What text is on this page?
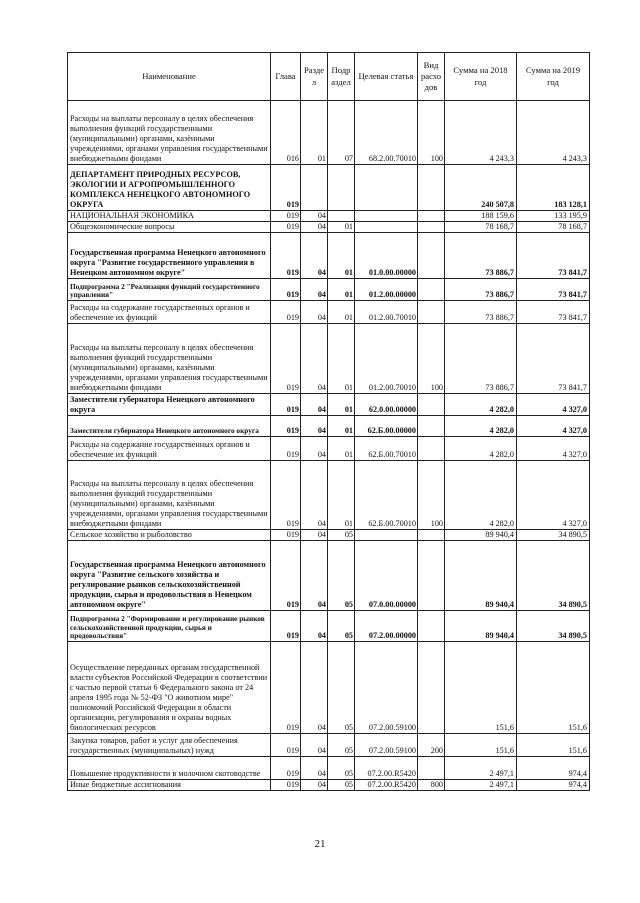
Наименование	Глава	Разде л	Подр аздел	Целевая статья	Вид расхо дов	Сумма на 2018 год	Сумма на 2019 год
Расходы на выплаты персоналу в целях обеспечения выполнения функций государственными (муниципальными) органами, казёнными учреждениями, органами управления государственными внебюджетными фондами	016	01	07	68.2.00.70010	100	4 243,3	4 243,3
ДЕПАРТАМЕНТ ПРИРОДНЫХ РЕСУРСОВ, ЭКОЛОГИИ И АГРОПРОМЫШЛЕННОГО КОМПЛЕКСА НЕНЕЦКОГО АВТОНОМНОГО ОКРУГА	019					240 507,8	183 128,1
НАЦИОНАЛЬНАЯ ЭКОНОМИКА	019	04				188 159,6	133 195,9
Общеэкономические вопросы	019	04	01			78 168,7	78 168,7
Государственная программа Ненецкого автономного округа "Развитие государственного управления в Ненецком автономном округе"	019	04	01	01.0.00.00000		73 886,7	73 841,7
Подпрограмма 2 "Реализация функций государственного управления"	019	04	01	01.2.00.00000		73 886,7	73 841,7
Расходы на содержание государственных органов и обеспечение их функций	019	04	01	01.2.00.70010		73 886,7	73 841,7
Расходы на выплаты персоналу в целях обеспечения выполнения функций государственными (муниципальными) органами, казёнными учреждениями, органами управления государственными внебюджетными фондами	019	04	01	01.2.00.70010	100	73 886,7	73 841,7
Заместители губернатора Ненецкого автономного округа	019	04	01	62.0.00.00000		4 282,0	4 327,0
Заместители губернатора Ненецкого автономного округа	019	04	01	62.Б.00.00000		4 282,0	4 327,0
Расходы на содержание государственных органов и обеспечение их функций	019	04	01	62.Б.00.70010		4 282,0	4 327,0
Расходы на выплаты персоналу в целях обеспечения выполнения функций государственными (муниципальными) органами, казёнными учреждениями, органами управления государственными внебюджетными фондами	019	04	01	62.Б.00.70010	100	4 282,0	4 327,0
Сельское хозяйство и рыболовство	019	04	05			89 940,4	34 890,5
Государственная программа Ненецкого автономного округа "Развитие сельского хозяйства и регулирование рынков сельскохозяйственной продукции, сырья и продовольствия в Ненецком автономном округе"	019	04	05	07.0.00.00000		89 940,4	34 890,5
Подпрограмма 2 "Формирование и регулирование рынков сельскохозяйственной продукции, сырья и продовольствия"	019	04	05	07.2.00.00000		89 940,4	34 890,5
Осуществление переданных органам государственной власти субъектов Российской Федерации в соответствии с частью первой статьи 6 Федерального закона от 24 апреля 1995 года № 52-ФЗ "О животном мире" полномочий Российской Федерации в области организации, регулирования и охраны водных биологических ресурсов	019	04	05	07.2.00.59100		151,6	151,6
Закупка товаров, работ и услуг для обеспечения государственных (муниципальных) нужд	019	04	05	07.2.00.59100	200	151,6	151,6
Повышение продуктивности в молочном скотоводстве	019	04	05	07.2.00.R5420		2 497,1	974,4
Иные бюджетные ассигнования	019	04	05	07.2.00.R5420	800	2 497,1	974,4
21
